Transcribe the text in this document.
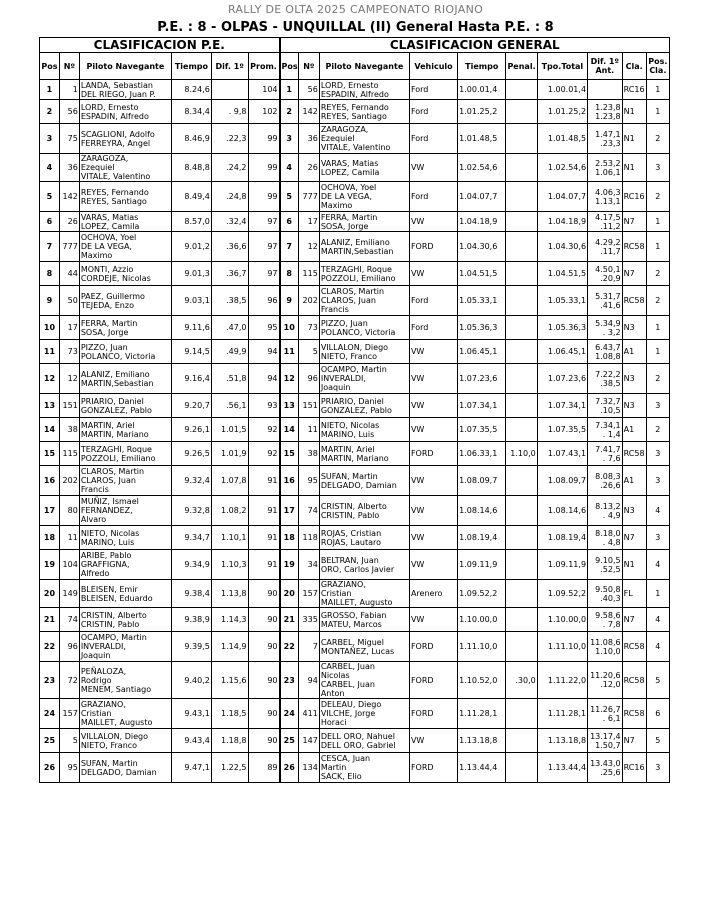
RALLY DE OLTA 2025 CAMPEONATO RIOJANO
P.E. : 8 - OLPAS - UNQUILLAL (II) General Hasta P.E. : 8
CLASIFICACION P.E.						CLASIFICACION GENERAL									
Pos	Nº	Piloto Navegante	Tiempo	Dif. 1º	Prom.	Pos	Nº	Piloto Navegante	Vehiculo	Tiempo	Penal.	Tpo.Total	Dif. 1º Ant.	Cla.	Pos. Cla.
1	1	LANDA, Sebastian
DEL RIEGO, Juan P.	8.24,6		104	1	56	LORD, Ernesto
ESPADIN, Alfredo	Ford	1.00.01,4		1.00.01,4		RC16	1
2	56	LORD, Ernesto
ESPADIN, Alfredo	8.34,4	. 9,8	102	2	142	REYES, Fernando
REYES, Santiago	Ford	1.01.25,2		1.01.25,2	1.23,8
1.23,8	N1	1
3	75	SCAGLIONI, Adolfo
FERREYRA, Angel	8.46,9	.22,3	99	3	36	ZARAGOZA,
Ezequiel
VITALE, Valentino	Ford	1.01.48,5		1.01.48,5	1.47,1
.23,3	N1	2
4	36	ZARAGOZA,
Ezequiel
VITALE, Valentino	8.48,8	.24,2	99	4	26	VARAS, Matias
LOPEZ, Camila	VW	1.02.54,6		1.02.54,6	2.53,2
1.06,1	N1	3
5	142	REYES, Fernando
REYES, Santiago	8.49,4	.24,8	99	5	777	OCHOVA, Yoel
DE LA VEGA,
Maximo	Ford	1.04.07,7		1.04.07,7	4.06,3
1.13,1	RC16	2
6	26	VARAS, Matias
LOPEZ, Camila	8.57,0	.32,4	97	6	17	FERRA, Martin
SOSA, Jorge	VW	1.04.18,9		1.04.18,9	4.17,5
.11,2	N7	1
7	777	OCHOVA, Yoel
DE LA VEGA,
Maximo	9.01,2	.36,6	97	7	12	ALANIZ, Emiliano
MARTIN,Sebastian	FORD	1.04.30,6		1.04.30,6	4.29,2
.11,7	RC58	1
8	44	MONTI, Azzio
CORDEJE, Nicolas	9.01,3	.36,7	97	8	115	TERZAGHI, Roque
POZZOLI, Emiliano	VW	1.04.51,5		1.04.51,5	4.50,1
.20,9	N7	2
9	50	PAEZ, Guillermo
TEJEDA, Enzo	9.03,1	.38,5	96	9	202	CLAROS, Martin
CLAROS, Juan
Francis	Ford	1.05.33,1		1.05.33,1	5.31,7
.41,6	RC58	2
10	17	FERRA, Martin
SOSA, Jorge	9.11,6	.47,0	95	10	73	PIZZO, Juan
POLANCO, Victoria	Ford	1.05.36,3		1.05.36,3	5.34,9
. 3,2	N3	1
11	73	PIZZO, Juan
POLANCO, Victoria	9.14,5	.49,9	94	11	5	VILLALON, Diego
NIETO, Franco	VW	1.06.45,1		1.06.45,1	6.43,7
1.08,8	A1	1
12	12	ALANIZ, Emiliano
MARTIN,Sebastian	9.16,4	.51,8	94	12	96	OCAMPO, Martin
INVERALDI,
Joaquin	VW	1.07.23,6		1.07.23,6	7.22,2
.38,5	N3	2
13	151	PRIARIO, Daniel
GONZALEZ, Pablo	9.20,7	.56,1	93	13	151	PRIARIO, Daniel
GONZALEZ, Pablo	VW	1.07.34,1		1.07.34,1	7.32,7
.10,5	N3	3
14	38	MARTIN, Ariel
MARTIN, Mariano	9.26,1	1.01,5	92	14	11	NIETO, Nicolas
MARINO, Luis	VW	1.07.35,5		1.07.35,5	7.34,1
. 1,4	A1	2
15	115	TERZAGHI, Roque
POZZOLI, Emiliano	9.26,5	1.01,9	92	15	38	MARTIN, Ariel
MARTIN, Mariano	FORD	1.06.33,1	1.10,0	1.07.43,1	7.41,7
. 7,6	RC58	3
16	202	CLAROS, Martin
CLAROS, Juan
Francis	9.32,4	1.07,8	91	16	95	SUFAN, Martin
DELGADO, Damian	VW	1.08.09,7		1.08.09,7	8.08,3
.26,6	A1	3
17	80	MUÑIZ, Ismael
FERNANDEZ,
Alvaro	9.32,8	1.08,2	91	17	74	CRISTIN, Alberto
CRISTIN, Pablo	VW	1.08.14,6		1.08.14,6	8.13,2
. 4,9	N3	4
18	11	NIETO, Nicolas
MARINO, Luis	9.34,7	1.10,1	91	18	118	ROJAS, Cristian
ROJAS, Lautaro	VW	1.08.19,4		1.08.19,4	8.18,0
. 4,8	N7	3
19	104	ARIBE, Pablo
GRAFFIGNA,
Alfredo	9.34,9	1.10,3	91	19	34	BELTRAN, Juan
ORO, Carlos Javier	VW	1.09.11,9		1.09.11,9	9.10,5
.52,5	N1	4
20	149	BLEISEN, Emir
BLEISEN, Eduardo	9.38,4	1.13,8	90	20	157	GRAZIANO,
Cristian
MAILLET, Augusto	Arenero	1.09.52,2		1.09.52,2	9.50,8
.40,3	FL	1
21	74	CRISTIN, Alberto
CRISTIN, Pablo	9.38,9	1.14,3	90	21	335	GROSSO, Fabian
MATEU, Marcos	VW	1.10.00,0		1.10.00,0	9.58,6
. 7,8	N7	4
22	96	OCAMPO, Martin
INVERALDI,
Joaquin	9.39,5	1.14,9	90	22	7	CARBEL, Miguel
MONTAÑEZ, Lucas	FORD	1.11.10,0		1.11.10,0	11.08,6
1.10,0	RC58	4
23	72	PEÑALOZA,
Rodrigo
MENEM, Santiago	9.40,2	1.15,6	90	23	94	CARBEL, Juan
Nicolas
CARBEL, Juan
Anton	FORD	1.10.52,0	.30,0	1.11.22,0	11.20,6
.12,0	RC58	5
24	157	GRAZIANO,
Cristian
MAILLET, Augusto	9.43,1	1.18,5	90	24	411	DELEAU, Diego
VILCHE, Jorge
Horaci	FORD	1.11.28,1		1.11.28,1	11.26,7
. 6,1	RC58	6
25	5	VILLALON, Diego
NIETO, Franco	9.43,4	1.18,8	90	25	147	DELL ORO, Nahuel
DELL ORO, Gabriel	VW	1.13.18,8		1.13.18,8	13.17,4
1.50,7	N7	5
26	95	SUFAN, Martin
DELGADO, Damian	9.47,1	1.22,5	89	26	134	CESCA, Juan
Martin
SACK, Elio	FORD	1.13.44,4		1.13.44,4	13.43,0
.25,6	RC16	3
